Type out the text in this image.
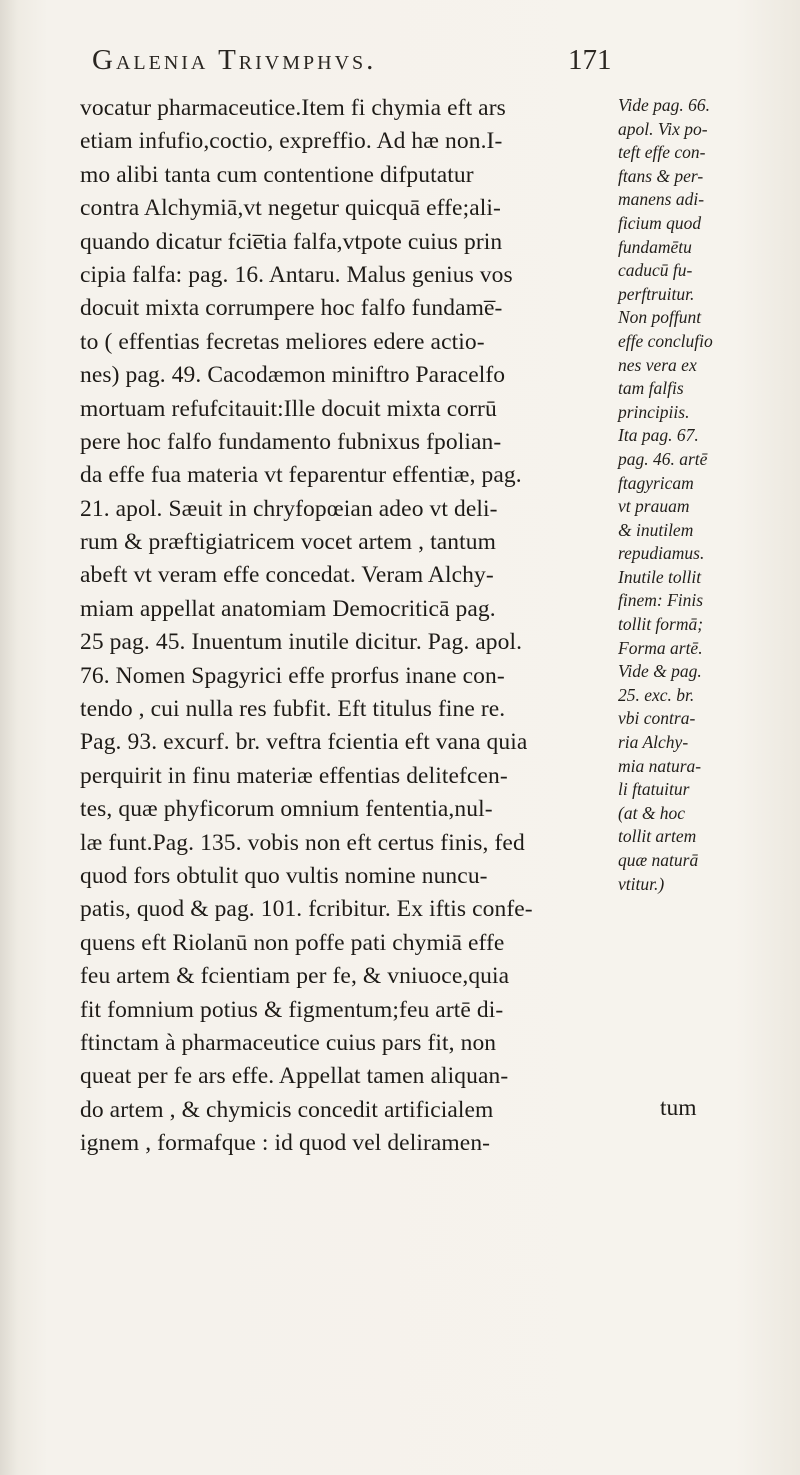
Galenia Trivmphvs.	171
vocatur pharmaceutice.Item fi chymia eft ars
etiam infufio,coctio, expreffio. Ad hæ non.I-
mo alibi tanta cum contentione difputatur
contra Alchymiā,vt negetur quicquā effe;ali-
quando dicatur fcie̅tia falfa,vtpote cuius prin
cipia falfa: pag. 16. Antaru. Malus genius vos
docuit mixta corrumpere hoc falfo fundame̅-
to ( effentias fecretas meliores edere actio-
nes) pag. 49. Cacodæmon miniftro Paracelfo
mortuam refufcitauit:Ille docuit mixta corrū
pere hoc falfo fundamento fubnixus fpolian-
da effe fua materia vt feparentur effentiæ, pag.
21. apol. Sæuit in chryfopœian adeo vt deli-
rum & præftigiatricem vocet artem , tantum
abeft vt veram effe concedat. Veram Alchy-
miam appellat anatomiam Democriticā pag.
25 pag. 45. Inuentum inutile dicitur. Pag. apol.
76. Nomen Spagyrici effe prorfus inane con-
tendo , cui nulla res fubfit. Eft titulus fine re.
Pag. 93. excurf. br. veftra fcientia eft vana quia
perquirit in finu materiæ effentias delitefcen-
tes, quæ phyficorum omnium fententia,nul-
læ funt.Pag. 135. vobis non eft certus finis, fed
quod fors obtulit quo vultis nomine nuncu-
patis, quod & pag. 101. fcribitur. Ex iftis confe-
quens eft Riolanū non poffe pati chymiā effe
feu artem & fcientiam per fe, & vniuoce,quia
fit fomnium potius & figmentum;feu artē di-
ftinctam à pharmaceutice cuius pars fit, non
queat per fe ars effe. Appellat tamen aliquan-
do artem , & chymicis concedit artificialem
ignem , formafque : id quod vel deliramen-
tum
Vide pag. 66.
apol. Vix po-
teft effe con-
ftans & per-
manens adi-
ficium quod
fundamētu
caducū fu-
perftruitur.
Non poffunt
effe conclufio
nes vera ex
tam falfis
principiis.
Ita pag. 67.
pag. 46. artē
ftagyricam
vt prauam
& inutilem
repudiamus.
Inutile tollit
finem: Finis
tollit formā;
Forma artē.
Vide & pag.
25. exc. br.
vbi contra-
ria Alchy-
mia natura-
li ftatuitur
(at & hoc
tollit artem
quæ naturā
vtitur.)
